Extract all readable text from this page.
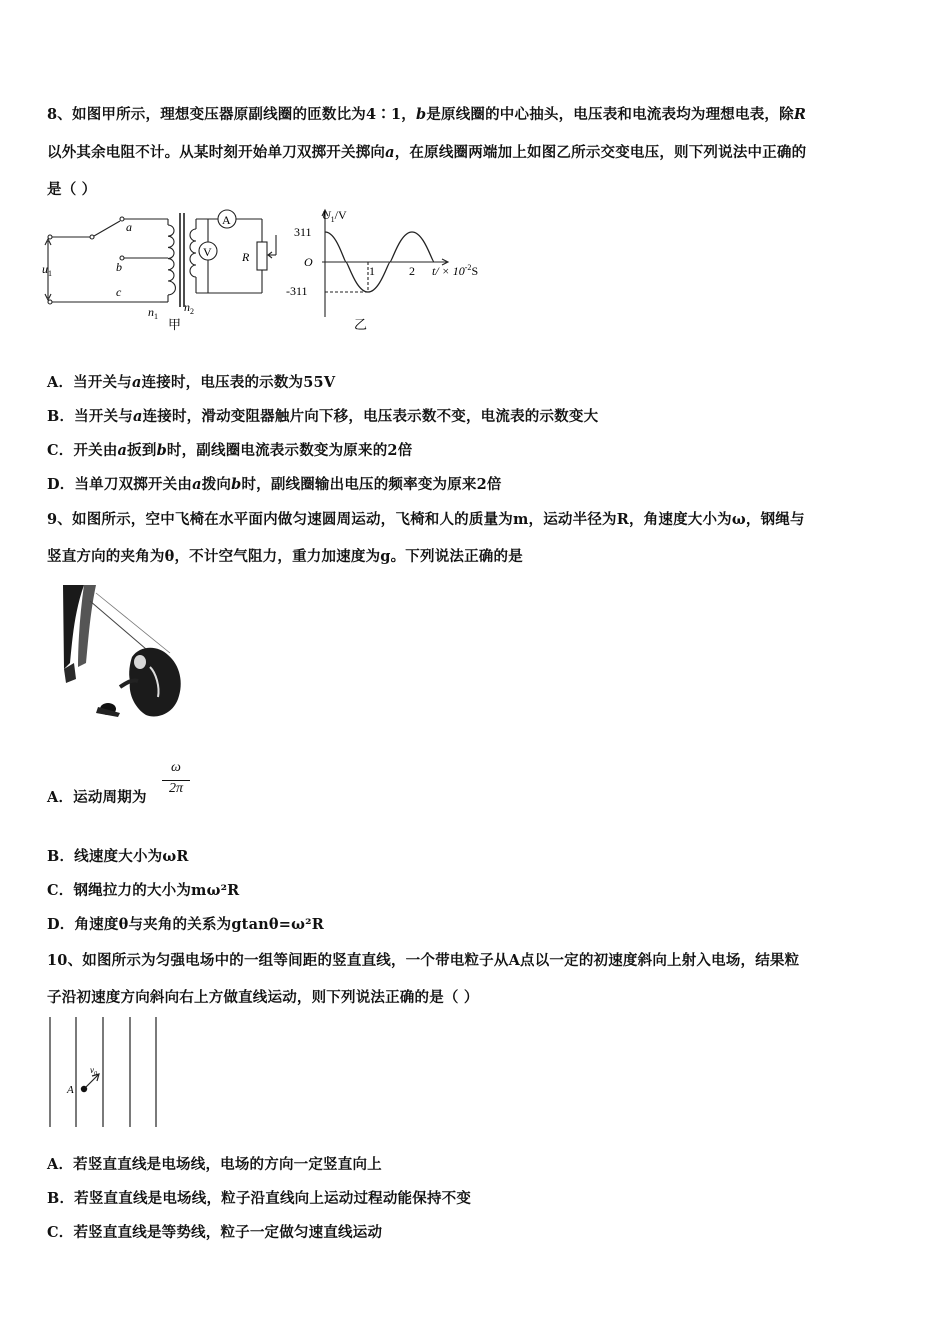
8、如图甲所示，理想变压器原副线圈的匝数比为4∶1，b是原线圈的中心抽头，电压表和电流表均为理想电表，除R
以外其余电阻不计。从某时刻开始单刀双掷开关掷向a，在原线圈两端加上如图乙所示交变电压，则下列说法中正确的
是（ ）
A
V	R
a
b
c
$u_1$
$n_1$
$n_2$
甲
$U_1/V$
311
O
-311
1	2 $t/ \times 10^{-2}S$
乙
A．当开关与a连接时，电压表的示数为55V
B．当开关与a连接时，滑动变阻器触片向下移，电压表示数不变，电流表的示数变大
C．开关由a扳到b时，副线圈电流表示数变为原来的2倍
D．当单刀双掷开关由a拨向b时，副线圈输出电压的频率变为原来2倍
9、如图所示，空中飞椅在水平面内做匀速圆周运动，飞椅和人的质量为m，运动半径为R，角速度大小为ω，钢绳与
竖直方向的夹角为θ，不计空气阻力，重力加速度为g。下列说法正确的是
A．运动周期为
ω
2π
B．线速度大小为ωR
C．钢绳拉力的大小为mω²R
D．角速度θ与夹角的关系为gtanθ=ω²R
10、如图所示为匀强电场中的一组等间距的竖直直线，一个带电粒子从A点以一定的初速度斜向上射入电场，结果粒
子沿初速度方向斜向右上方做直线运动，则下列说法正确的是（ ）
A
$v_0$
A．若竖直直线是电场线，电场的方向一定竖直向上
B．若竖直直线是电场线，粒子沿直线向上运动过程动能保持不变
C．若竖直直线是等势线，粒子一定做匀速直线运动
